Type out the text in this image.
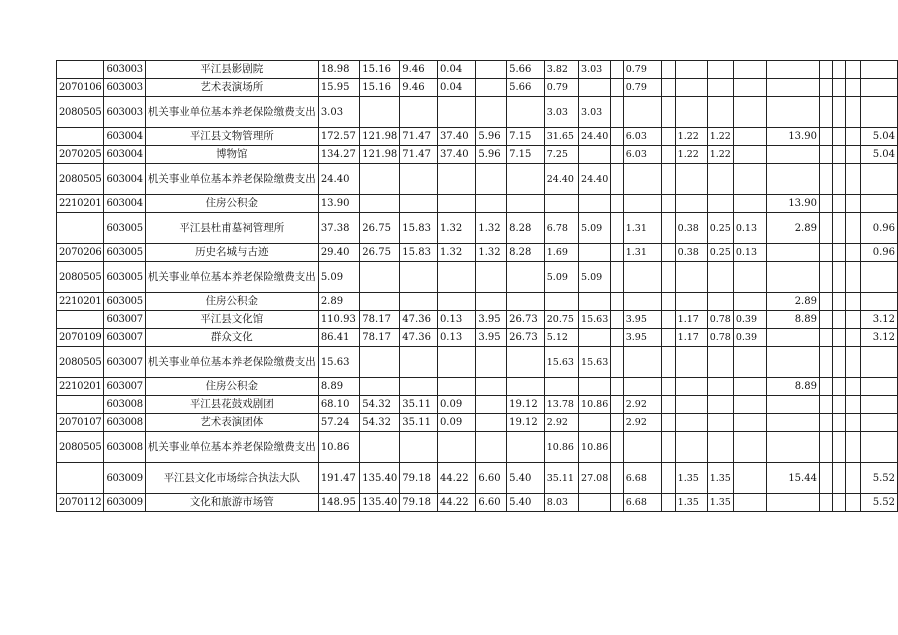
	603003	平江县影剧院	18.98	15.16	9.46	0.04		5.66	3.82	3.03		0.79									
2070106	603003	艺术表演场所	15.95	15.16	9.46	0.04		5.66	0.79			0.79									
2080505	603003	机关事业单位基本养老保险缴费支出	3.03						3.03	3.03											
	603004	平江县文物管理所	172.57	121.98	71.47	37.40	5.96	7.15	31.65	24.40		6.03		1.22	1.22		13.90				5.04
2070205	603004	博物馆	134.27	121.98	71.47	37.40	5.96	7.15	7.25			6.03		1.22	1.22						5.04
2080505	603004	机关事业单位基本养老保险缴费支出	24.40						24.40	24.40											
2210201	603004	住房公积金	13.90														13.90				
	603005	平江县杜甫墓祠管理所	37.38	26.75	15.83	1.32	1.32	8.28	6.78	5.09		1.31		0.38	0.25	0.13	2.89				0.96
2070206	603005	历史名城与古迹	29.40	26.75	15.83	1.32	1.32	8.28	1.69			1.31		0.38	0.25	0.13					0.96
2080505	603005	机关事业单位基本养老保险缴费支出	5.09						5.09	5.09											
2210201	603005	住房公积金	2.89														2.89				
	603007	平江县文化馆	110.93	78.17	47.36	0.13	3.95	26.73	20.75	15.63		3.95		1.17	0.78	0.39	8.89				3.12
2070109	603007	群众文化	86.41	78.17	47.36	0.13	3.95	26.73	5.12			3.95		1.17	0.78	0.39					3.12
2080505	603007	机关事业单位基本养老保险缴费支出	15.63						15.63	15.63											
2210201	603007	住房公积金	8.89														8.89				
	603008	平江县花鼓戏剧团	68.10	54.32	35.11	0.09		19.12	13.78	10.86		2.92									
2070107	603008	艺术表演团体	57.24	54.32	35.11	0.09		19.12	2.92			2.92									
2080505	603008	机关事业单位基本养老保险缴费支出	10.86						10.86	10.86											
	603009	平江县文化市场综合执法大队	191.47	135.40	79.18	44.22	6.60	5.40	35.11	27.08		6.68		1.35	1.35		15.44				5.52
2070112	603009	文化和旅游市场管	148.95	135.40	79.18	44.22	6.60	5.40	8.03			6.68		1.35	1.35						5.52
